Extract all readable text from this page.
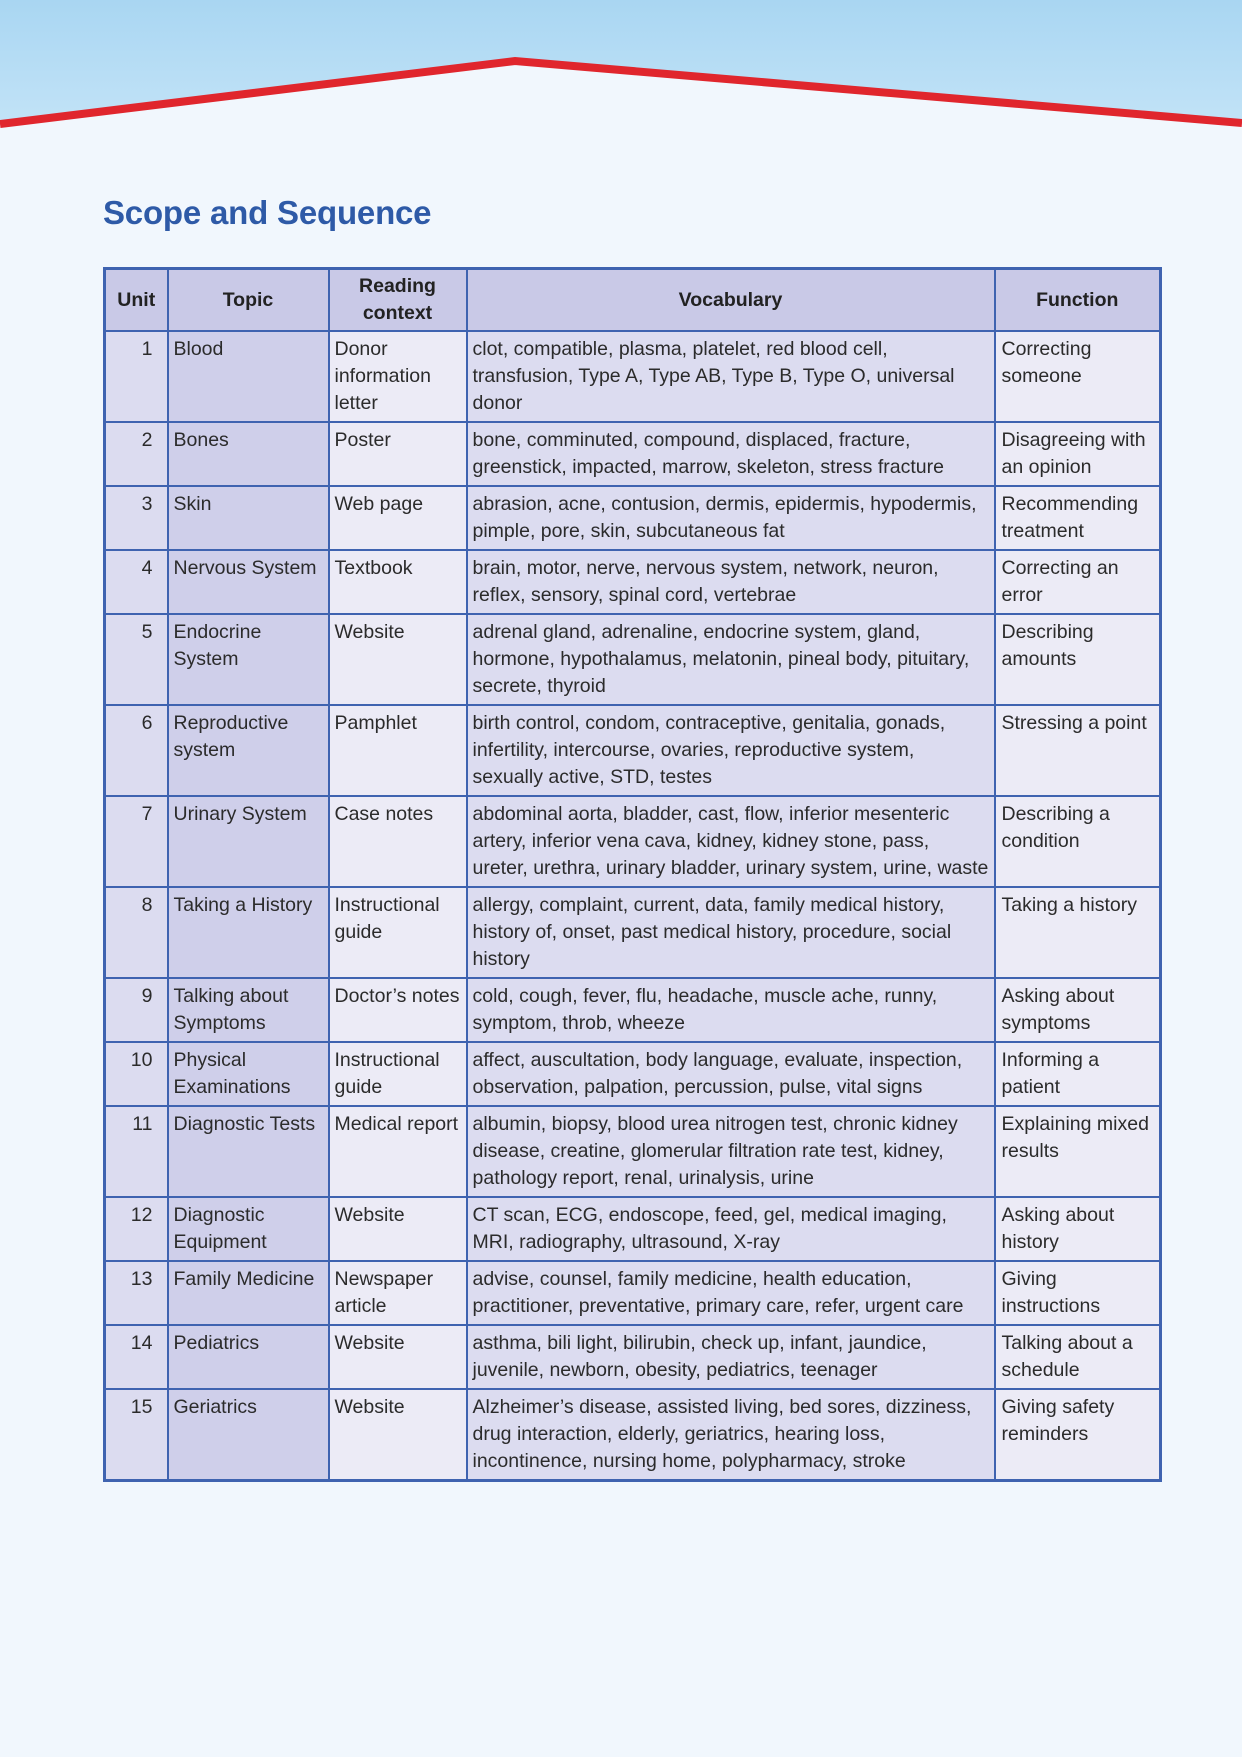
Scope and Sequence
Unit	Topic	Reading context	Vocabulary	Function
1	Blood	Donor information letter	clot, compatible, plasma, platelet, red blood cell, transfusion, Type A, Type AB, Type B, Type O, universal donor	Correcting someone
2	Bones	Poster	bone, comminuted, compound, displaced, fracture, greenstick, impacted, marrow, skeleton, stress fracture	Disagreeing with an opinion
3	Skin	Web page	abrasion, acne, contusion, dermis, epidermis, hypodermis, pimple, pore, skin, subcutaneous fat	Recommending treatment
4	Nervous System	Textbook	brain, motor, nerve, nervous system, network, neuron, reflex, sensory, spinal cord, vertebrae	Correcting an error
5	Endocrine System	Website	adrenal gland, adrenaline, endocrine system, gland, hormone, hypothalamus, melatonin, pineal body, pituitary, secrete, thyroid	Describing amounts
6	Reproductive system	Pamphlet	birth control, condom, contraceptive, genitalia, gonads, infertility, intercourse, ovaries, reproductive system, sexually active, STD, testes	Stressing a point
7	Urinary System	Case notes	abdominal aorta, bladder, cast, flow, inferior mesenteric artery, inferior vena cava, kidney, kidney stone, pass, ureter, urethra, urinary bladder, urinary system, urine, waste	Describing a condition
8	Taking a History	Instructional guide	allergy, complaint, current, data, family medical history, history of, onset, past medical history, procedure, social history	Taking a history
9	Talking about Symptoms	Doctor’s notes	cold, cough, fever, flu, headache, muscle ache, runny, symptom, throb, wheeze	Asking about symptoms
10	Physical Examinations	Instructional guide	affect, auscultation, body language, evaluate, inspection, observation, palpation, percussion, pulse, vital signs	Informing a patient
11	Diagnostic Tests	Medical report	albumin, biopsy, blood urea nitrogen test, chronic kidney disease, creatine, glomerular filtration rate test, kidney, pathology report, renal, urinalysis, urine	Explaining mixed results
12	Diagnostic Equipment	Website	CT scan, ECG, endoscope, feed, gel, medical imaging, MRI, radiography, ultrasound, X-ray	Asking about history
13	Family Medicine	Newspaper article	advise, counsel, family medicine, health education, practitioner, preventative, primary care, refer, urgent care	Giving instructions
14	Pediatrics	Website	asthma, bili light, bilirubin, check up, infant, jaundice, juvenile, newborn, obesity, pediatrics, teenager	Talking about a schedule
15	Geriatrics	Website	Alzheimer’s disease, assisted living, bed sores, dizziness, drug interaction, elderly, geriatrics, hearing loss, incontinence, nursing home, polypharmacy, stroke	Giving safety reminders
